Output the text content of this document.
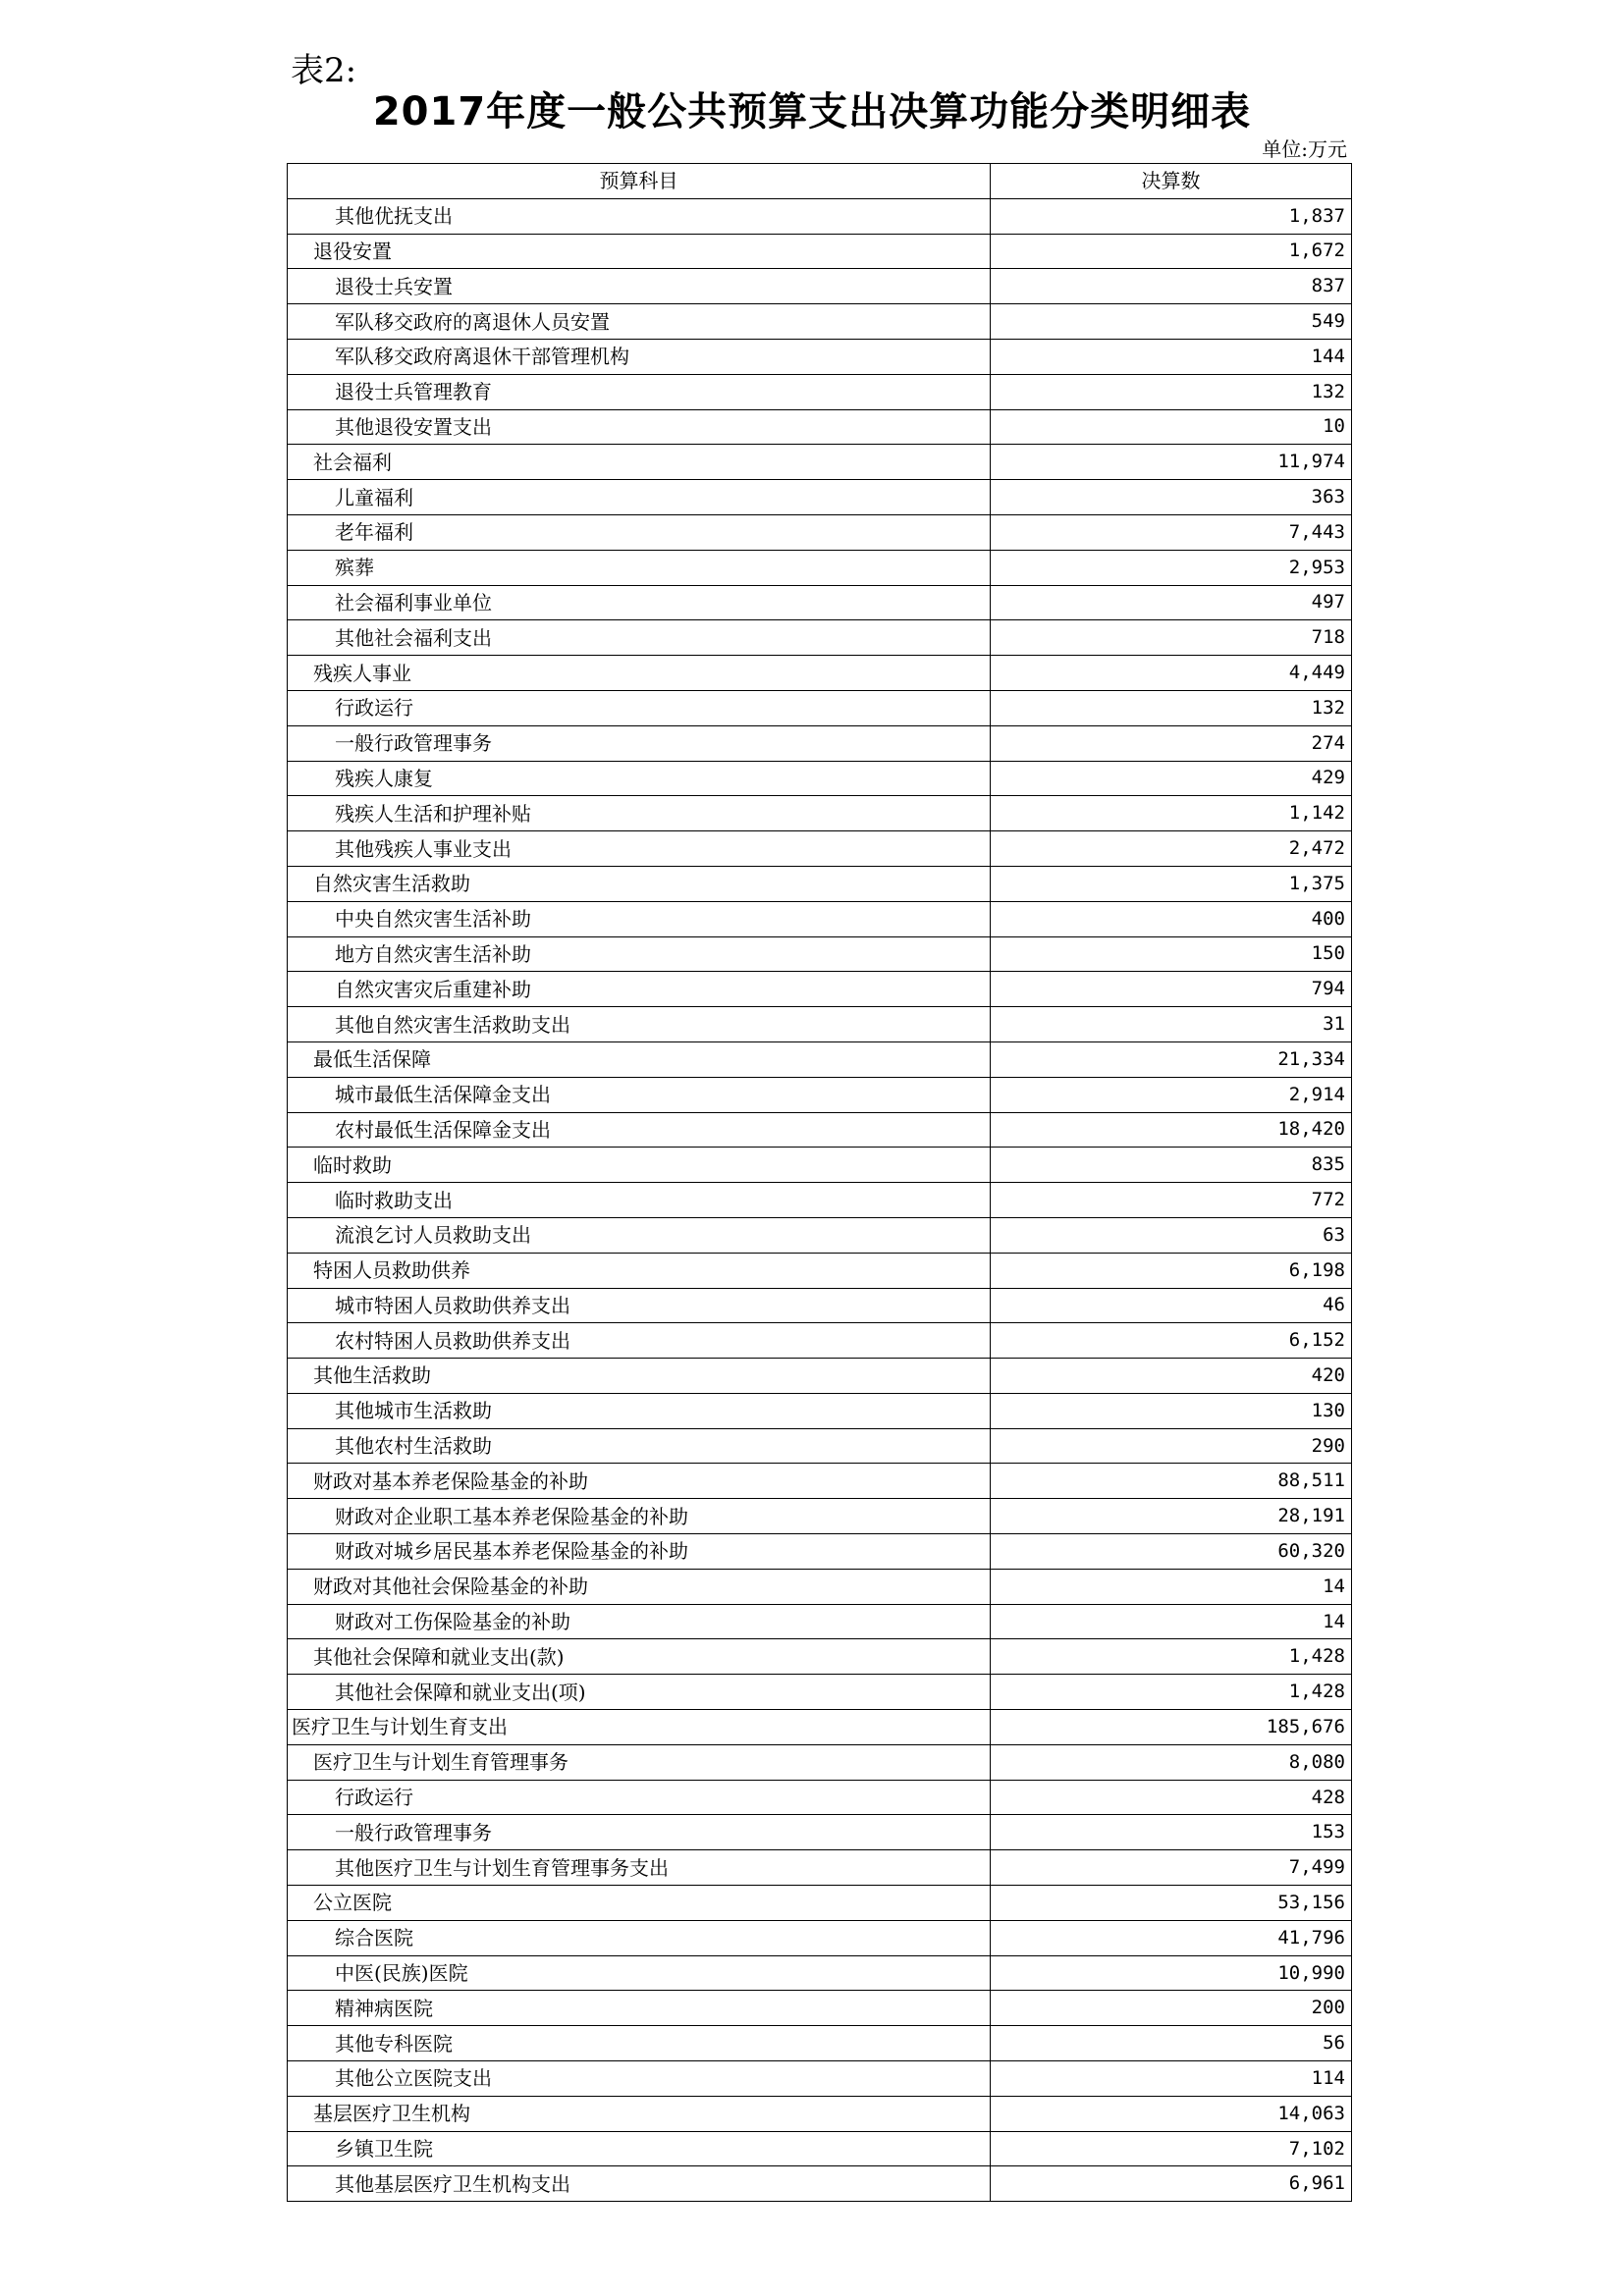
表2:
2017年度一般公共预算支出决算功能分类明细表
单位:万元
预算科目	决算数
其他优抚支出	1,837
退役安置	1,672
退役士兵安置	837
军队移交政府的离退休人员安置	549
军队移交政府离退休干部管理机构	144
退役士兵管理教育	132
其他退役安置支出	10
社会福利	11,974
儿童福利	363
老年福利	7,443
殡葬	2,953
社会福利事业单位	497
其他社会福利支出	718
残疾人事业	4,449
行政运行	132
一般行政管理事务	274
残疾人康复	429
残疾人生活和护理补贴	1,142
其他残疾人事业支出	2,472
自然灾害生活救助	1,375
中央自然灾害生活补助	400
地方自然灾害生活补助	150
自然灾害灾后重建补助	794
其他自然灾害生活救助支出	31
最低生活保障	21,334
城市最低生活保障金支出	2,914
农村最低生活保障金支出	18,420
临时救助	835
临时救助支出	772
流浪乞讨人员救助支出	63
特困人员救助供养	6,198
城市特困人员救助供养支出	46
农村特困人员救助供养支出	6,152
其他生活救助	420
其他城市生活救助	130
其他农村生活救助	290
财政对基本养老保险基金的补助	88,511
财政对企业职工基本养老保险基金的补助	28,191
财政对城乡居民基本养老保险基金的补助	60,320
财政对其他社会保险基金的补助	14
财政对工伤保险基金的补助	14
其他社会保障和就业支出(款)	1,428
其他社会保障和就业支出(项)	1,428
医疗卫生与计划生育支出	185,676
医疗卫生与计划生育管理事务	8,080
行政运行	428
一般行政管理事务	153
其他医疗卫生与计划生育管理事务支出	7,499
公立医院	53,156
综合医院	41,796
中医(民族)医院	10,990
精神病医院	200
其他专科医院	56
其他公立医院支出	114
基层医疗卫生机构	14,063
乡镇卫生院	7,102
其他基层医疗卫生机构支出	6,961
